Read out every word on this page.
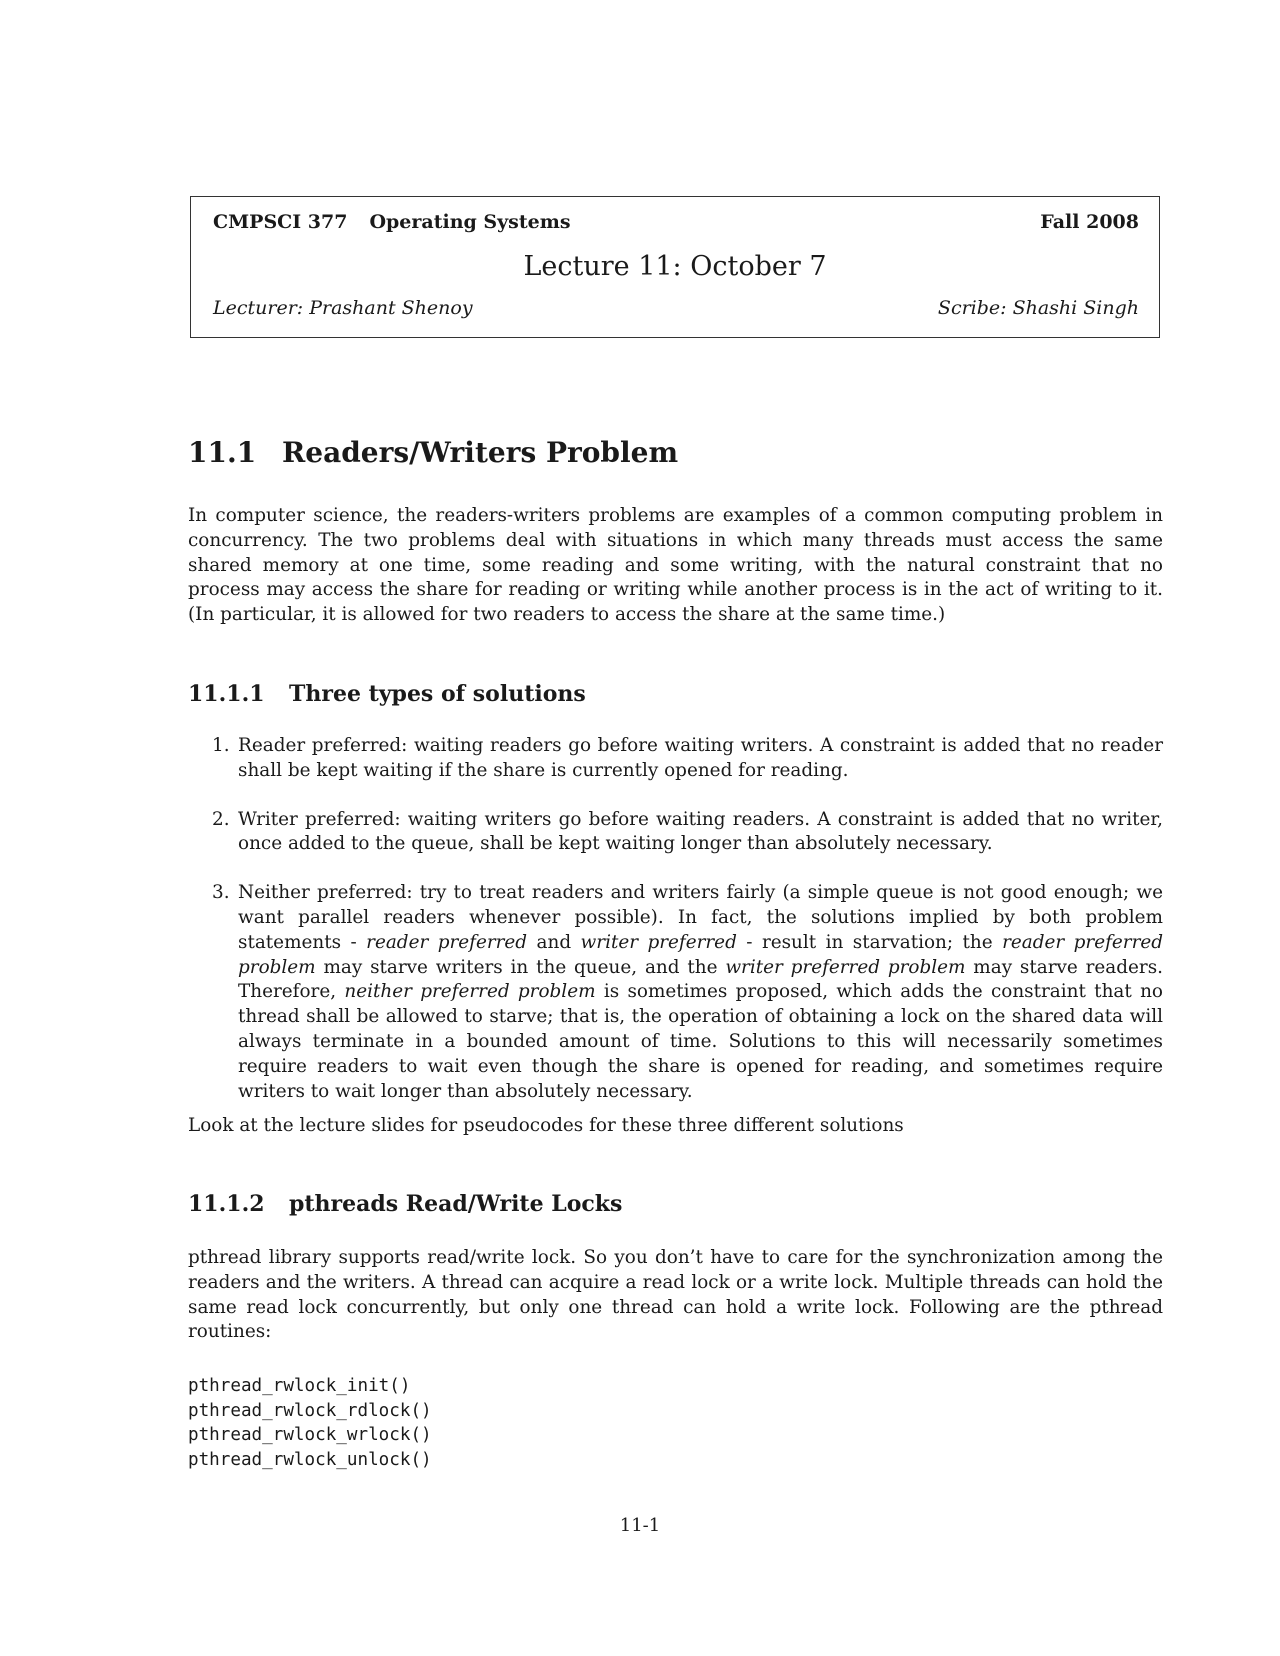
CMPSCI 377 Operating Systems	Fall 2008
Lecture 11: October 7
Lecturer: Prashant Shenoy	Scribe: Shashi Singh
11.1 Readers/Writers Problem

In computer science, the readers-writers problems are examples of a common computing problem in concurrency. The two problems deal with situations in which many threads must access the same shared memory at one time, some reading and some writing, with the natural constraint that no process may access the share for reading or writing while another process is in the act of writing to it. (In particular, it is allowed for two readers to access the share at the same time.)

11.1.1 Three types of solutions
1. Reader preferred: waiting readers go before waiting writers. A constraint is added that no reader shall be kept waiting if the share is currently opened for reading.
2. Writer preferred: waiting writers go before waiting readers. A constraint is added that no writer, once added to the queue, shall be kept waiting longer than absolutely necessary.
3. Neither preferred: try to treat readers and writers fairly (a simple queue is not good enough; we want parallel readers whenever possible). In fact, the solutions implied by both problem statements - reader preferred and writer preferred - result in starvation; the reader preferred problem may starve writers in the queue, and the writer preferred problem may starve readers. Therefore, neither preferred problem is sometimes proposed, which adds the constraint that no thread shall be allowed to starve; that is, the operation of obtaining a lock on the shared data will always terminate in a bounded amount of time. Solutions to this will necessarily sometimes require readers to wait even though the share is opened for reading, and sometimes require writers to wait longer than absolutely necessary.

Look at the lecture slides for pseudocodes for these three different solutions

11.1.2 pthreads Read/Write Locks

pthread library supports read/write lock. So you don’t have to care for the synchronization among the readers and the writers. A thread can acquire a read lock or a write lock. Multiple threads can hold the same read lock concurrently, but only one thread can hold a write lock. Following are the pthread routines:

pthread_rwlock_init()
pthread_rwlock_rdlock()
pthread_rwlock_wrlock()
pthread_rwlock_unlock()
11-1
